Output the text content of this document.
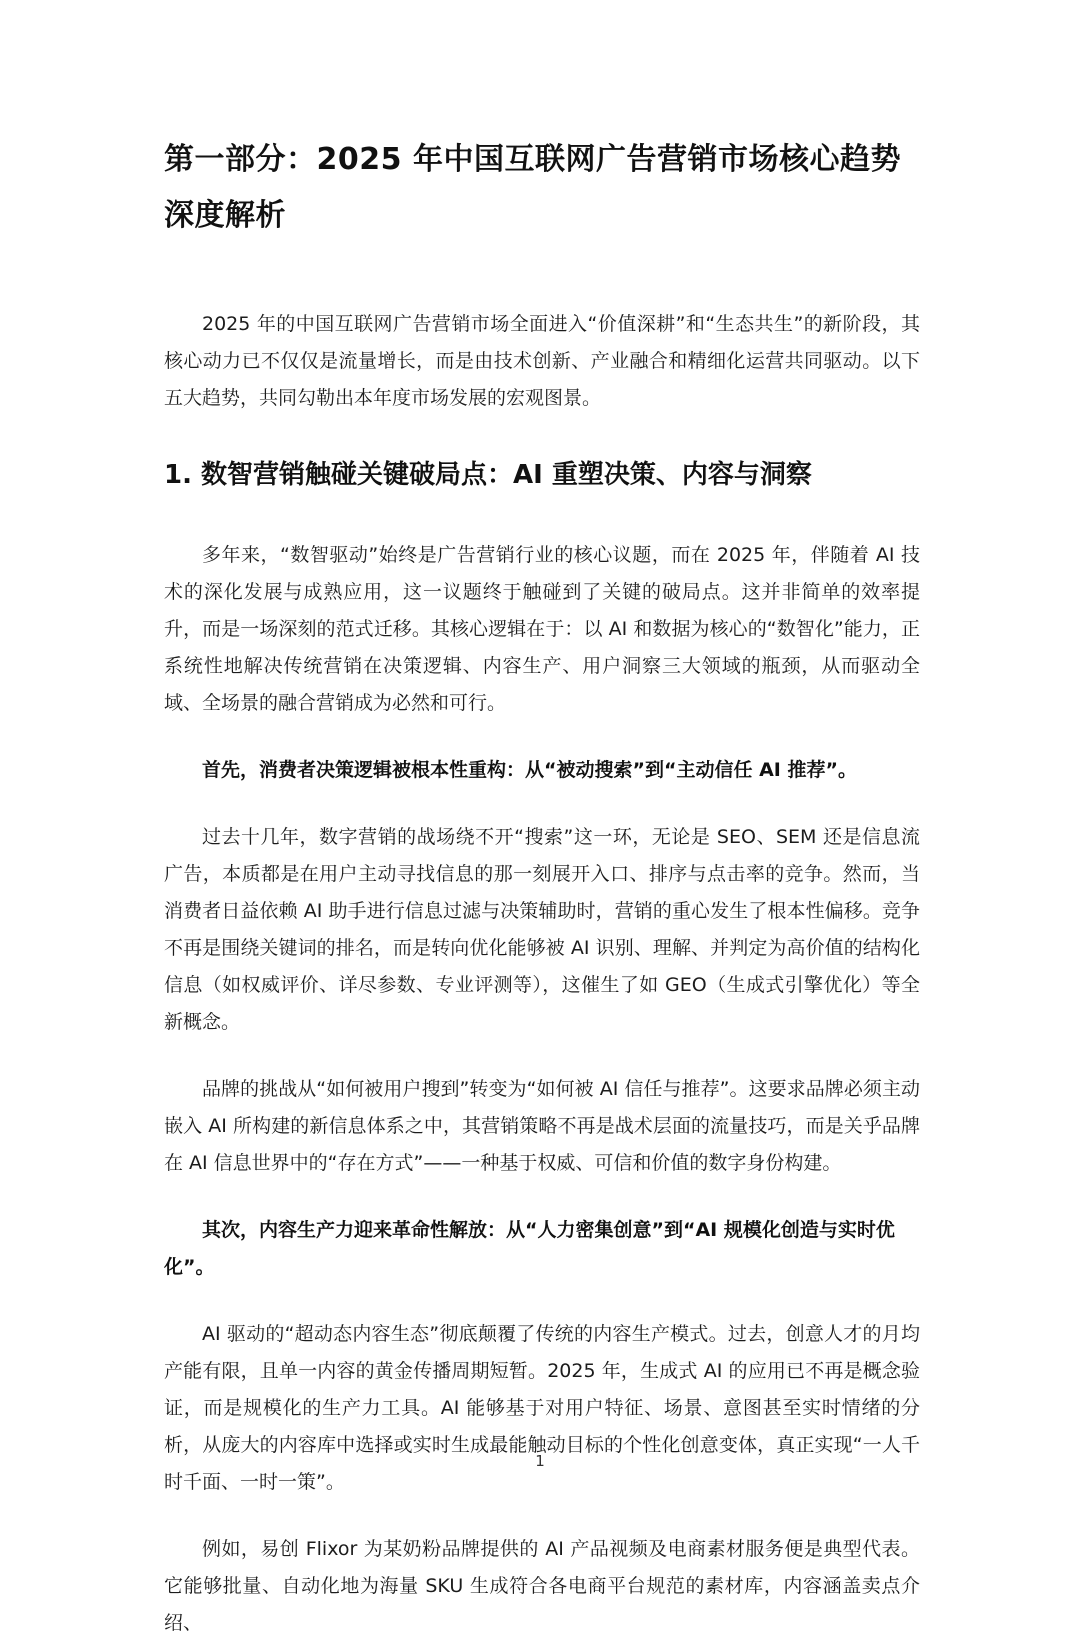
第一部分：2025 年中国互联网广告营销市场核心趋势深度解析

2025 年的中国互联网广告营销市场全面进入“价值深耕”和“生态共生”的新阶段，其核心动力已不仅仅是流量增长，而是由技术创新、产业融合和精细化运营共同驱动。以下五大趋势，共同勾勒出本年度市场发展的宏观图景。

1. 数智营销触碰关键破局点：AI 重塑决策、内容与洞察

多年来，“数智驱动”始终是广告营销行业的核心议题，而在 2025 年，伴随着 AI 技术的深化发展与成熟应用，这一议题终于触碰到了关键的破局点。这并非简单的效率提升，而是一场深刻的范式迁移。其核心逻辑在于：以 AI 和数据为核心的“数智化”能力，正系统性地解决传统营销在决策逻辑、内容生产、用户洞察三大领域的瓶颈，从而驱动全域、全场景的融合营销成为必然和可行。

首先，消费者决策逻辑被根本性重构：从“被动搜索”到“主动信任 AI 推荐”。

过去十几年，数字营销的战场绕不开“搜索”这一环，无论是 SEO、SEM 还是信息流广告，本质都是在用户主动寻找信息的那一刻展开入口、排序与点击率的竞争。然而，当消费者日益依赖 AI 助手进行信息过滤与决策辅助时，营销的重心发生了根本性偏移。竞争不再是围绕关键词的排名，而是转向优化能够被 AI 识别、理解、并判定为高价值的结构化信息（如权威评价、详尽参数、专业评测等），这催生了如 GEO（生成式引擎优化）等全新概念。

品牌的挑战从“如何被用户搜到”转变为“如何被 AI 信任与推荐”。这要求品牌必须主动嵌入 AI 所构建的新信息体系之中，其营销策略不再是战术层面的流量技巧，而是关乎品牌在 AI 信息世界中的“存在方式”——一种基于权威、可信和价值的数字身份构建。

其次，内容生产力迎来革命性解放：从“人力密集创意”到“AI 规模化创造与实时优化”。

AI 驱动的“超动态内容生态”彻底颠覆了传统的内容生产模式。过去，创意人才的月均产能有限，且单一内容的黄金传播周期短暂。2025 年，生成式 AI 的应用已不再是概念验证，而是规模化的生产力工具。AI 能够基于对用户特征、场景、意图甚至实时情绪的分析，从庞大的内容库中选择或实时生成最能触动目标的个性化创意变体，真正实现“一人千时千面、一时一策”。

例如，易创 Flixor 为某奶粉品牌提供的 AI 产品视频及电商素材服务便是典型代表。它能够批量、自动化地为海量 SKU 生成符合各电商平台规范的素材库，内容涵盖卖点介绍、

1
